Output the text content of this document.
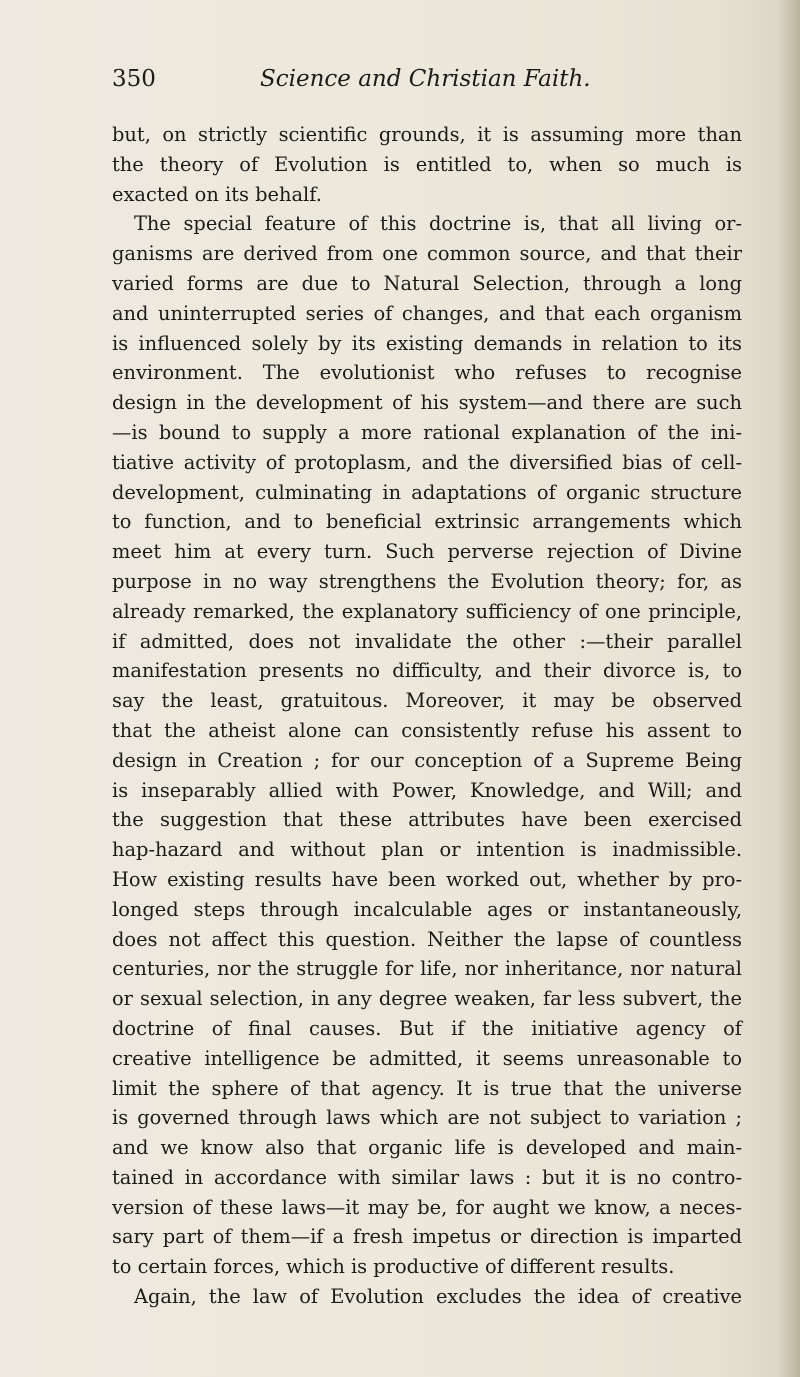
350	Science and Christian Faith.
but, on strictly scientific grounds, it is assuming more than
the theory of Evolution is entitled to, when so much is
exacted on its behalf.
The special feature of this doctrine is, that all living or-
ganisms are derived from one common source, and that their
varied forms are due to Natural Selection, through a long
and uninterrupted series of changes, and that each organism
is influenced solely by its existing demands in relation to its
environment. The evolutionist who refuses to recognise
design in the development of his system—and there are such
—is bound to supply a more rational explanation of the ini-
tiative activity of protoplasm, and the diversified bias of cell-
development, culminating in adaptations of organic structure
to function, and to beneficial extrinsic arrangements which
meet him at every turn. Such perverse rejection of Divine
purpose in no way strengthens the Evolution theory; for, as
already remarked, the explanatory sufficiency of one principle,
if admitted, does not invalidate the other :—their parallel
manifestation presents no difficulty, and their divorce is, to
say the least, gratuitous. Moreover, it may be observed
that the atheist alone can consistently refuse his assent to
design in Creation ; for our conception of a Supreme Being
is inseparably allied with Power, Knowledge, and Will; and
the suggestion that these attributes have been exercised
hap-hazard and without plan or intention is inadmissible.
How existing results have been worked out, whether by pro-
longed steps through incalculable ages or instantaneously,
does not affect this question. Neither the lapse of countless
centuries, nor the struggle for life, nor inheritance, nor natural
or sexual selection, in any degree weaken, far less subvert, the
doctrine of final causes. But if the initiative agency of
creative intelligence be admitted, it seems unreasonable to
limit the sphere of that agency. It is true that the universe
is governed through laws which are not subject to variation ;
and we know also that organic life is developed and main-
tained in accordance with similar laws : but it is no contro-
version of these laws—it may be, for aught we know, a neces-
sary part of them—if a fresh impetus or direction is imparted
to certain forces, which is productive of different results.
Again, the law of Evolution excludes the idea of creative
